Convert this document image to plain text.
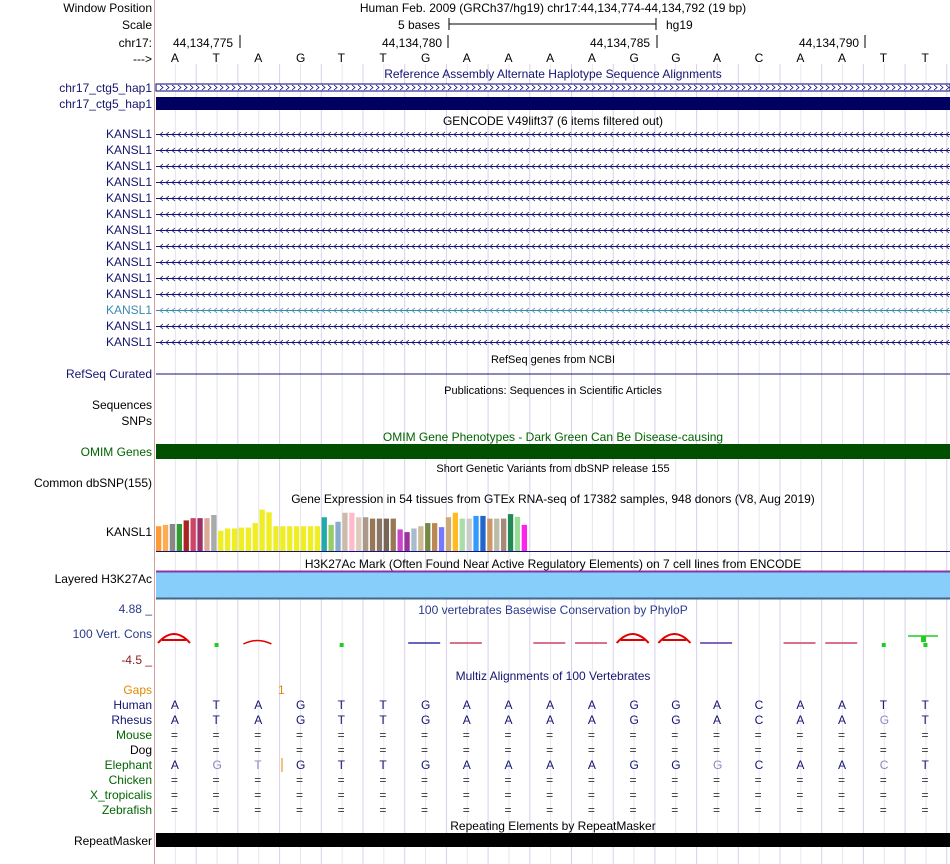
Window Position	Human Feb. 2009 (GRCh37/hg19) chr17:44,134,774-44,134,792 (19 bp)
Scale	5 bases	hg19
chr17: 44,134,775	44,134,780	44,134,785	44,134,790
---> A	T	A	G	T	T	G	A	A	A	A	G	G	A	C	A	A	T	T
Reference Assembly Alternate Haplotype Sequence Alignments
chr17_ctg5_hap1
chr17_ctg5_hap1
GENCODE V49lift37 (6 items filtered out)
KANSL1
KANSL1
KANSL1
KANSL1
KANSL1
KANSL1
KANSL1
KANSL1
KANSL1
KANSL1
KANSL1
KANSL1
KANSL1
KANSL1
RefSeq genes from NCBI
RefSeq Curated
Publications: Sequences in Scientific Articles
Sequences
SNPs
OMIM Gene Phenotypes - Dark Green Can Be Disease-causing
OMIM Genes
Short Genetic Variants from dbSNP release 155
Common dbSNP(155)
Gene Expression in 54 tissues from GTEx RNA-seq of 17382 samples, 948 donors (V8, Aug 2019)
KANSL1
H3K27Ac Mark (Often Found Near Active Regulatory Elements) on 7 cell lines from ENCODE
Layered H3K27Ac
100 vertebrates Basewise Conservation by PhyloP
4.88 _
100 Vert. Cons
-4.5 _
Multiz Alignments of 100 Vertebrates
Gaps	1
Human A	T	A	G	T	T	G	A	A	A	A	G	G	A	C	A	A	T	T
Rhesus A	T	A	G	T	T	G	A	A	A	A	G	G	A	C	A	A	G	T
Mouse =	=	=	=	=	=	=	=	=	=	=	=	=	=	=	=	=	=	=
Dog =	=	=	=	=	=	=	=	=	=	=	=	=	=	=	=	=	=	=
Elephant A	G	T	G	T	T	G	A	A	A	A	G	G	G	C	A	A	C	T
Chicken =	=	=	=	=	=	=	=	=	=	=	=	=	=	=	=	=	=	=
X_tropicalis =	=	=	=	=	=	=	=	=	=	=	=	=	=	=	=	=	=	=
Zebrafish =	=	=	=	=	=	=	=	=	=	=	=	=	=	=	=	=	=	=
Repeating Elements by RepeatMasker
RepeatMasker
